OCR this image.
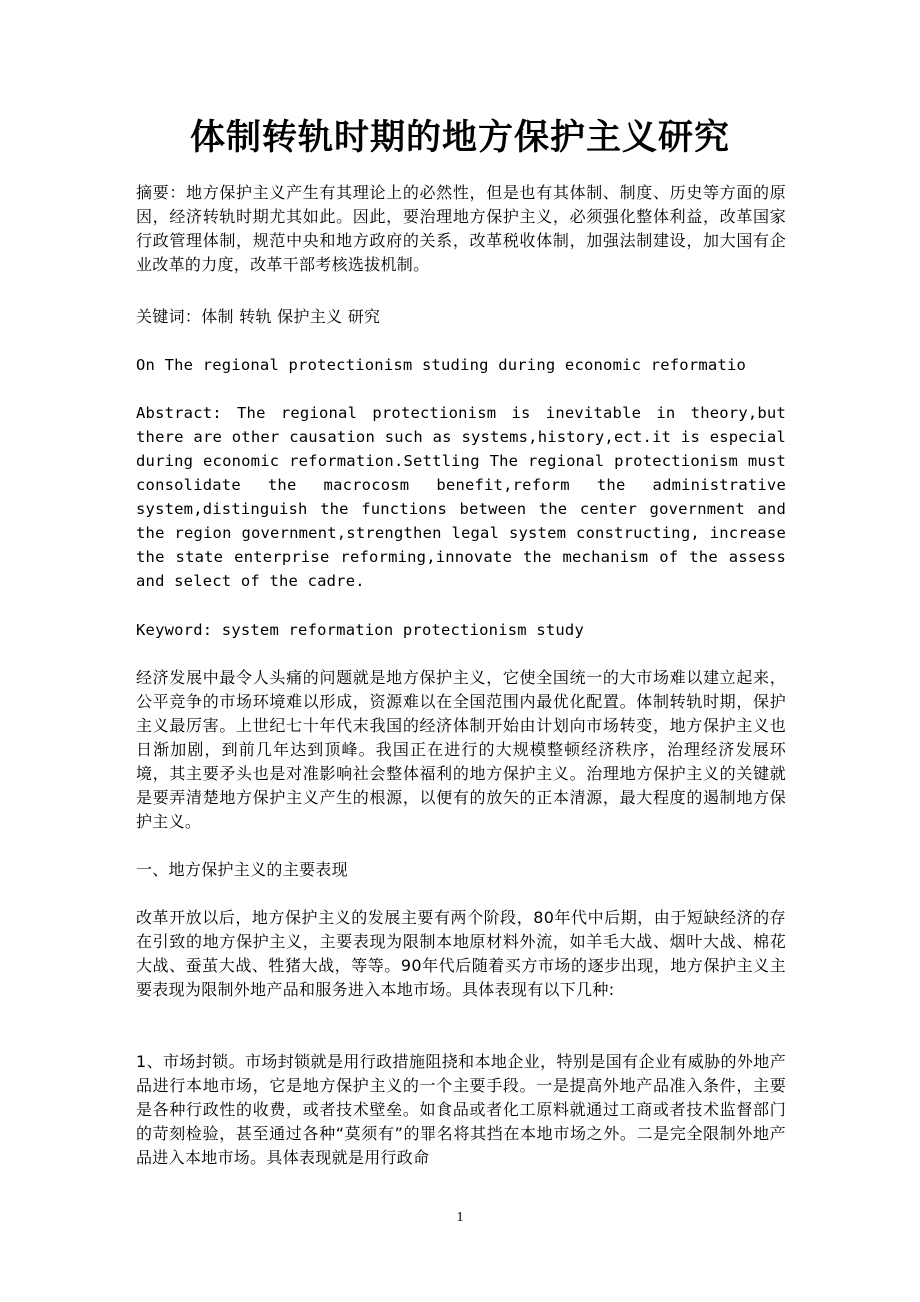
体制转轨时期的地方保护主义研究

摘要：地方保护主义产生有其理论上的必然性，但是也有其体制、制度、历史等方面的原因，经济转轨时期尤其如此。因此，要治理地方保护主义，必须强化整体利益，改革国家行政管理体制，规范中央和地方政府的关系，改革税收体制，加强法制建设，加大国有企业改革的力度，改革干部考核选拔机制。

关键词：体制 转轨 保护主义 研究

On The regional protectionism studing during economic reformatio

Abstract: The regional protectionism is inevitable in theory,but there are other causation such as systems,history,ect.it is especial during economic reformation.Settling The regional protectionism must consolidate the macrocosm benefit,reform the administrative system,distinguish the functions between the center government and the region government,strengthen legal system constructing, increase the state enterprise reforming,innovate the mechanism of the assess and select of the cadre.

Keyword: system reformation protectionism study

经济发展中最令人头痛的问题就是地方保护主义，它使全国统一的大市场难以建立起来，公平竞争的市场环境难以形成，资源难以在全国范围内最优化配置。体制转轨时期，保护主义最厉害。上世纪七十年代末我国的经济体制开始由计划向市场转变，地方保护主义也日渐加剧，到前几年达到顶峰。我国正在进行的大规模整顿经济秩序，治理经济发展环境，其主要矛头也是对准影响社会整体福利的地方保护主义。治理地方保护主义的关键就是要弄清楚地方保护主义产生的根源，以便有的放矢的正本清源，最大程度的遏制地方保护主义。

一、地方保护主义的主要表现

改革开放以后，地方保护主义的发展主要有两个阶段，80年代中后期，由于短缺经济的存在引致的地方保护主义，主要表现为限制本地原材料外流，如羊毛大战、烟叶大战、棉花大战、蚕茧大战、牲猪大战，等等。90年代后随着买方市场的逐步出现，地方保护主义主要表现为限制外地产品和服务进入本地市场。具体表现有以下几种:

1、市场封锁。市场封锁就是用行政措施阻挠和本地企业，特别是国有企业有威胁的外地产品进行本地市场，它是地方保护主义的一个主要手段。一是提高外地产品准入条件，主要是各种行政性的收费，或者技术壁垒。如食品或者化工原料就通过工商或者技术监督部门的苛刻检验，甚至通过各种“莫须有”的罪名将其挡在本地市场之外。二是完全限制外地产品进入本地市场。具体表现就是用行政命

1
